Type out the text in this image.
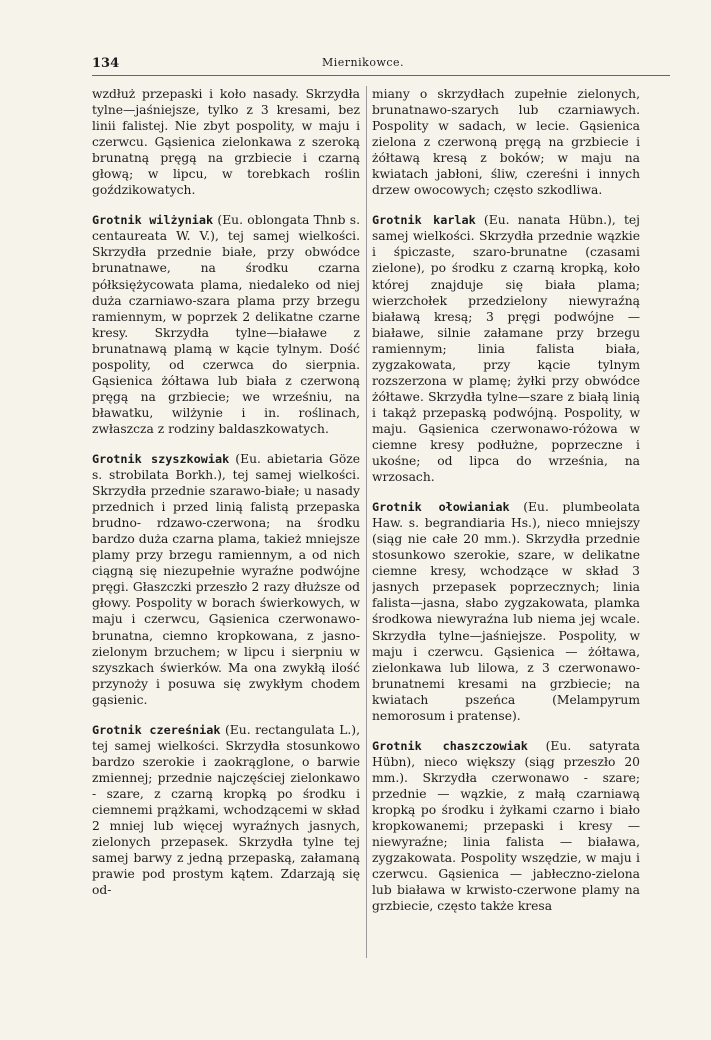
134	Miernikowce.

wzdłuż przepaski i koło nasady. Skrzydła tylne—jaśniejsze, tylko z 3 kresami, bez linii falistej. Nie zbyt pospolity, w maju i czerwcu. Gąsienica zielonkawa z szeroką brunatną pręgą na grzbiecie i czarną głową; w lipcu, w torebkach roślin goździkowatych.

Grotnik wilżyniak (Eu. oblongata Thnb s. centaureata W. V.), tej samej wielkości. Skrzydła przednie białe, przy obwódce brunatnawe, na środku czarna półksiężycowata plama, niedaleko od niej duża czarniawo-szara plama przy brzegu ramiennym, w poprzek 2 delikatne czarne kresy. Skrzydła tylne—białawe z brunatnawą plamą w kącie tylnym. Dość pospolity, od czerwca do sierpnia. Gąsienica żółtawa lub biała z czerwoną pręgą na grzbiecie; we wrześniu, na bławatku, wilżynie i in. roślinach, zwłaszcza z rodziny baldaszkowatych.

Grotnik szyszkowiak (Eu. abietaria Göze s. strobilata Borkh.), tej samej wielkości. Skrzydła przednie szarawo-białe; u nasady przednich i przed linią falistą przepaska brudno- rdzawo-czerwona; na środku bardzo duża czarna plama, takież mniejsze plamy przy brzegu ramiennym, a od nich ciągną się niezupełnie wyraźne podwójne pręgi. Głaszczki przeszło 2 razy dłuższe od głowy. Pospolity w borach świerkowych, w maju i czerwcu, Gąsienica czerwonawo-brunatna, ciemno kropkowana, z jasno-zielonym brzuchem; w lipcu i sierpniu w szyszkach świerków. Ma ona zwykłą ilość przynoży i posuwa się zwykłym chodem gąsienic.

Grotnik czereśniak (Eu. rectangulata L.), tej samej wielkości. Skrzydła stosunkowo bardzo szerokie i zaokrąglone, o barwie zmiennej; przednie najczęściej zielonkawo - szare, z czarną kropką po środku i ciemnemi prążkami, wchodzącemi w skład 2 mniej lub więcej wyraźnych jasnych, zielonych przepasek. Skrzydła tylne tej samej barwy z jedną przepaską, załamaną prawie pod prostym kątem. Zdarzają się od-

miany o skrzydłach zupełnie zielonych, brunatnawo-szarych lub czarniawych. Pospolity w sadach, w lecie. Gąsienica zielona z czerwoną pręgą na grzbiecie i żółtawą kresą z boków; w maju na kwiatach jabłoni, śliw, czereśni i innych drzew owocowych; często szkodliwa.

Grotnik karlak (Eu. nanata Hübn.), tej samej wielkości. Skrzydła przednie wązkie i śpiczaste, szaro-brunatne (czasami zielone), po środku z czarną kropką, koło której znajduje się biała plama; wierzchołek przedzielony niewyraźną białawą kresą; 3 pręgi podwójne — białawe, silnie załamane przy brzegu ramiennym; linia falista biała, zygzakowata, przy kącie tylnym rozszerzona w plamę; żyłki przy obwódce żółtawe. Skrzydła tylne—szare z białą linią i takąż przepaską podwójną. Pospolity, w maju. Gąsienica czerwonawo-różowa w ciemne kresy podłużne, poprzeczne i ukośne; od lipca do września, na wrzosach.

Grotnik ołowianiak (Eu. plumbeolata Haw. s. begrandiaria Hs.), nieco mniejszy (siąg nie całe 20 mm.). Skrzydła przednie stosunkowo szerokie, szare, w delikatne ciemne kresy, wchodzące w skład 3 jasnych przepasek poprzecznych; linia falista—jasna, słabo zygzakowata, plamka środkowa niewyraźna lub niema jej wcale. Skrzydła tylne—jaśniejsze. Pospolity, w maju i czerwcu. Gąsienica — żółtawa, zielonkawa lub lilowa, z 3 czerwonawo-brunatnemi kresami na grzbiecie; na kwiatach pszeńca (Melampyrum nemorosum i pratense).

Grotnik chaszczowiak (Eu. satyrata Hübn), nieco większy (siąg przeszło 20 mm.). Skrzydła czerwonawo - szare; przednie — wązkie, z małą czarniawą kropką po środku i żyłkami czarno i biało kropkowanemi; przepaski i kresy — niewyraźne; linia falista — biaława, zygzakowata. Pospolity wszędzie, w maju i czerwcu. Gąsienica — jabłeczno-zielona lub biaława w krwisto-czerwone plamy na grzbiecie, często także kresa
